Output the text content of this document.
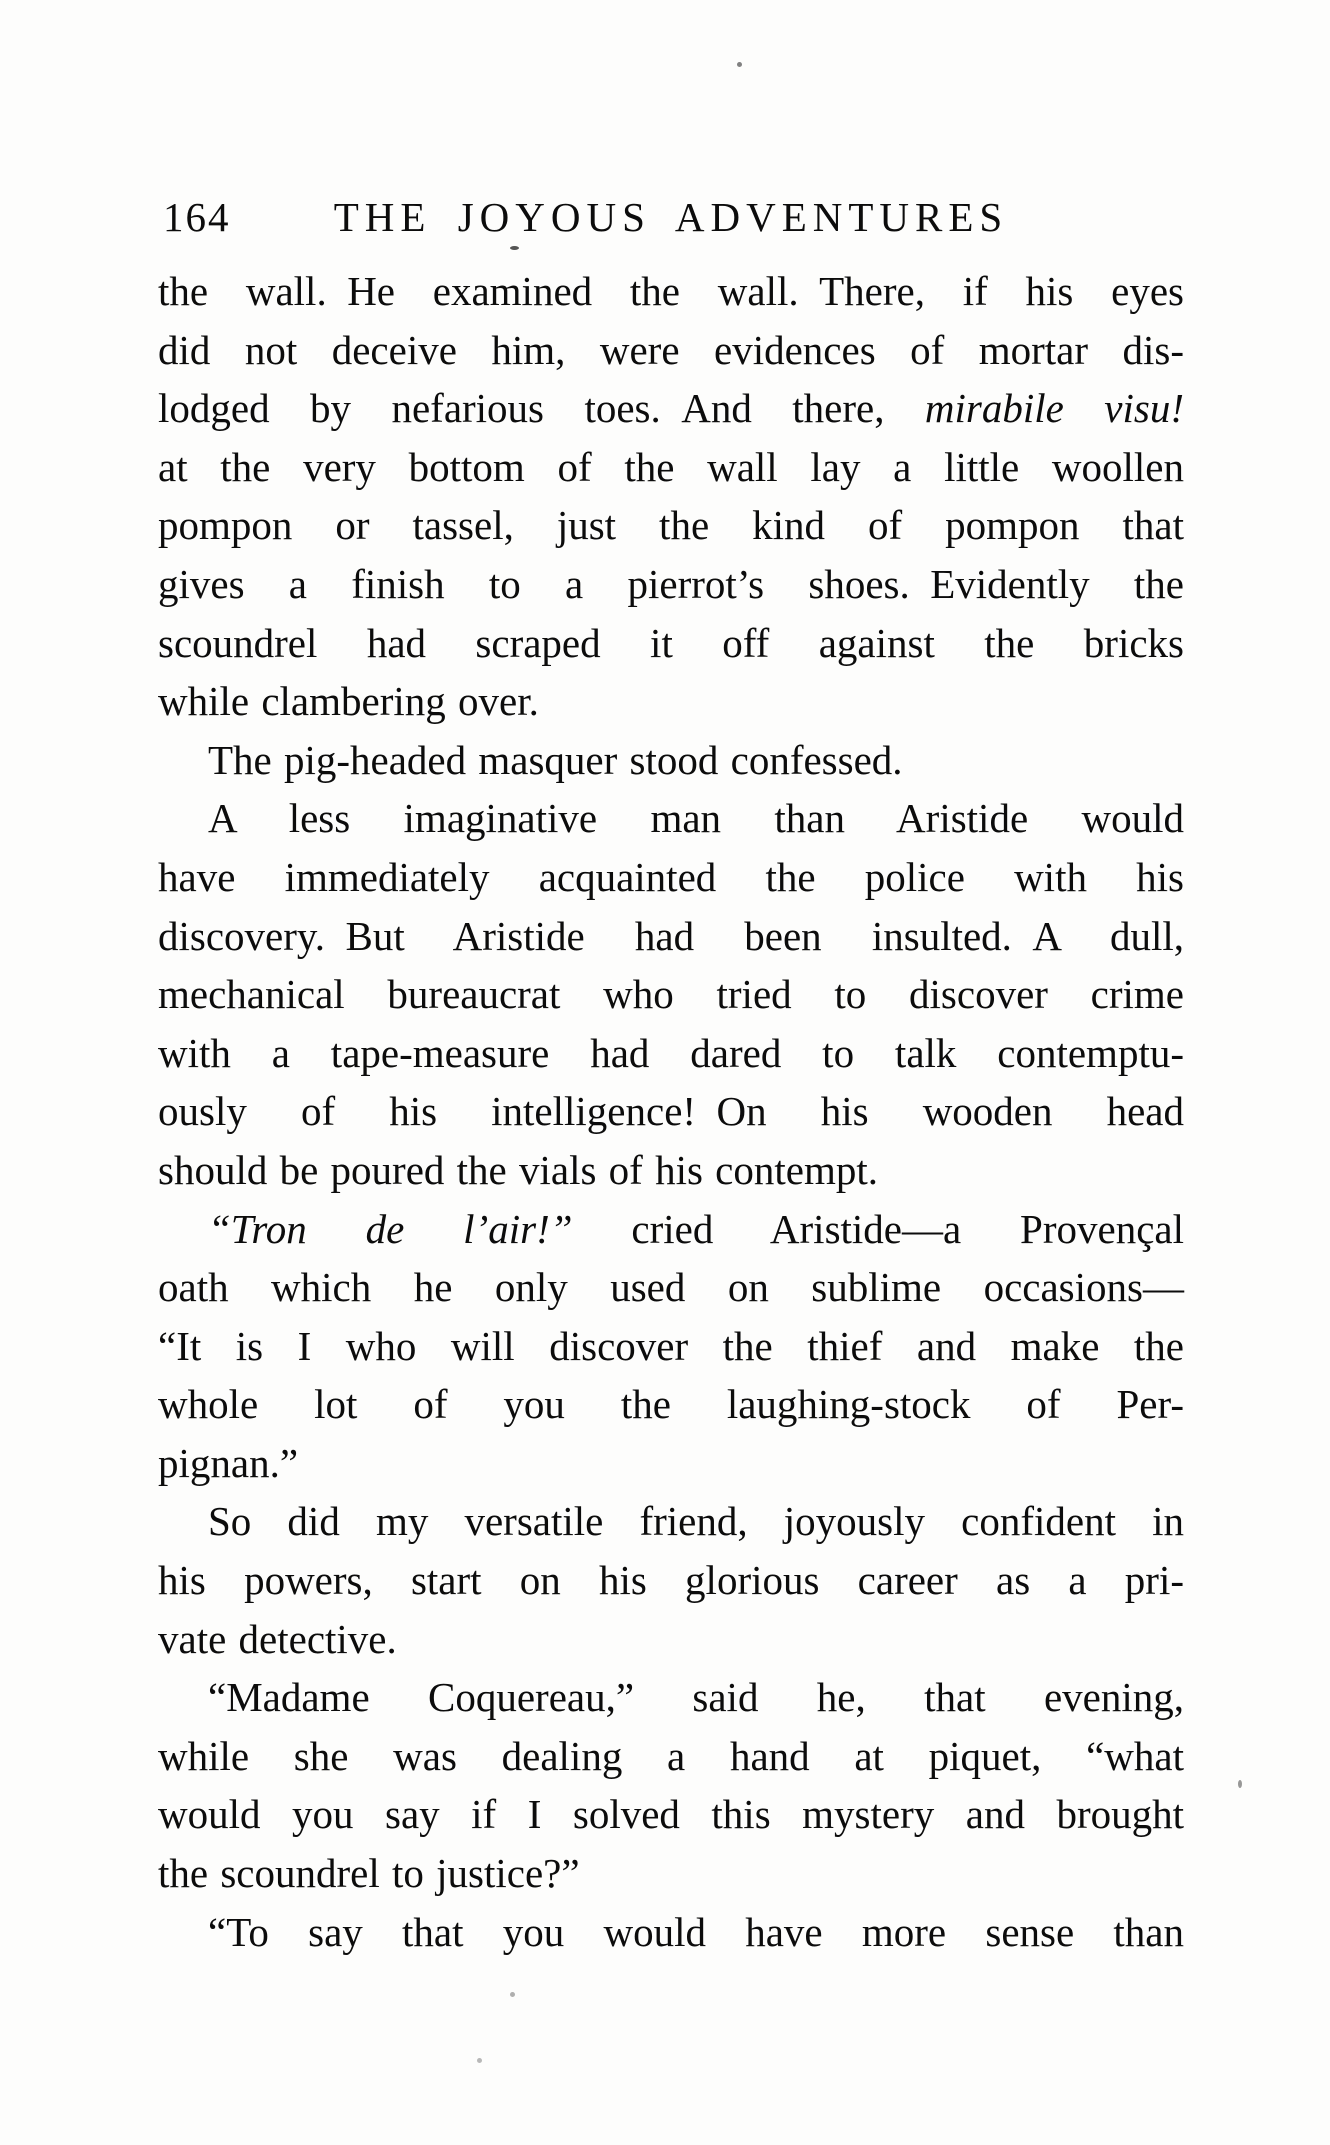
164	THE JOYOUS ADVENTURES
the wall. He examined the wall. There, if his eyes
did not deceive him, were evidences of mortar dis-
lodged by nefarious toes. And there, mirabile visu!
at the very bottom of the wall lay a little woollen
pompon or tassel, just the kind of pompon that
gives a finish to a pierrot’s shoes. Evidently the
scoundrel had scraped it off against the bricks
while clambering over.
The pig-headed masquer stood confessed.
A less imaginative man than Aristide would
have immediately acquainted the police with his
discovery. But Aristide had been insulted. A dull,
mechanical bureaucrat who tried to discover crime
with a tape-measure had dared to talk contemptu-
ously of his intelligence! On his wooden head
should be poured the vials of his contempt.
“Tron de l’air!” cried Aristide—a Provençal
oath which he only used on sublime occasions—
“It is I who will discover the thief and make the
whole lot of you the laughing-stock of Per-
pignan.”
So did my versatile friend, joyously confident in
his powers, start on his glorious career as a pri-
vate detective.
“Madame Coquereau,” said he, that evening,
while she was dealing a hand at piquet, “what
would you say if I solved this mystery and brought
the scoundrel to justice?”
“To say that you would have more sense than
